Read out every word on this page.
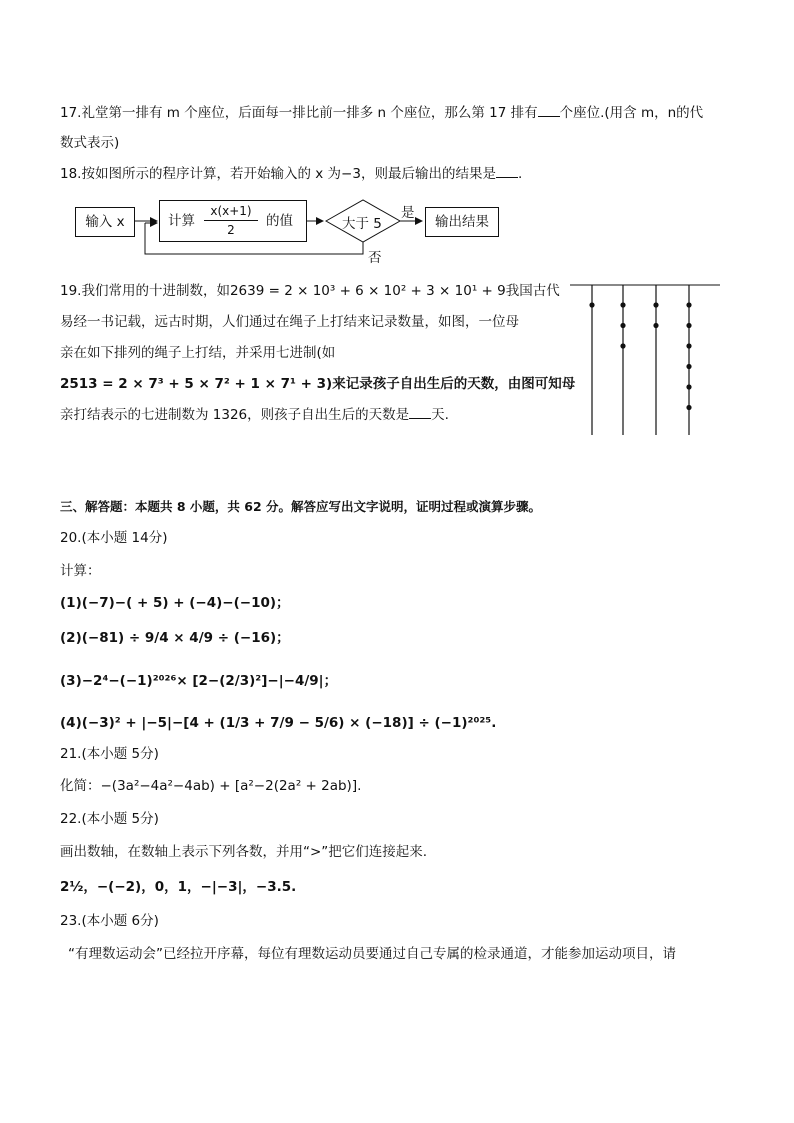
17.礼堂第一排有 m 个座位，后面每一排比前一排多 n 个座位，那么第 17 排有 个座位.(用含 m，n的代
数式表示)
18.按如图所示的程序计算，若开始输入的 x 为−3，则最后输出的结果是 .
输入 x	计算
x(x+1)
2
的值	大于 5
是
否
输出结果
19.我们常用的十进制数，如2639 = 2 × 10³ + 6 × 10² + 3 × 10¹ + 9我国古代
易经一书记载，远古时期，人们通过在绳子上打结来记录数量，如图，一位母
亲在如下排列的绳子上打结，并采用七进制(如
2513 = 2 × 7³ + 5 × 7² + 1 × 7¹ + 3)来记录孩子自出生后的天数，由图可知母
亲打结表示的七进制数为 1326，则孩子自出生后的天数是 天.
三、解答题：本题共 8 小题，共 62 分。解答应写出文字说明，证明过程或演算步骤。
20.(本小题 14分)
计算：
(1)(−7)−( + 5) + (−4)−(−10)；
(2)(−81) ÷ 9/4 × 4/9 ÷ (−16)；
(3)−2⁴−(−1)²⁰²⁶× [2−(2/3)²]−|−4/9|；
(4)(−3)² + |−5|−[4 + (1/3 + 7/9 − 5/6) × (−18)] ÷ (−1)²⁰²⁵.
21.(本小题 5分)
化简：−(3a²−4a²−4ab) + [a²−2(2a² + 2ab)].
22.(本小题 5分)
画出数轴，在数轴上表示下列各数，并用“>”把它们连接起来.
2½，−(−2)，0，1，−|−3|，−3.5.
23.(本小题 6分)
“有理数运动会”已经拉开序幕，每位有理数运动员要通过自己专属的检录通道，才能参加运动项目，请
